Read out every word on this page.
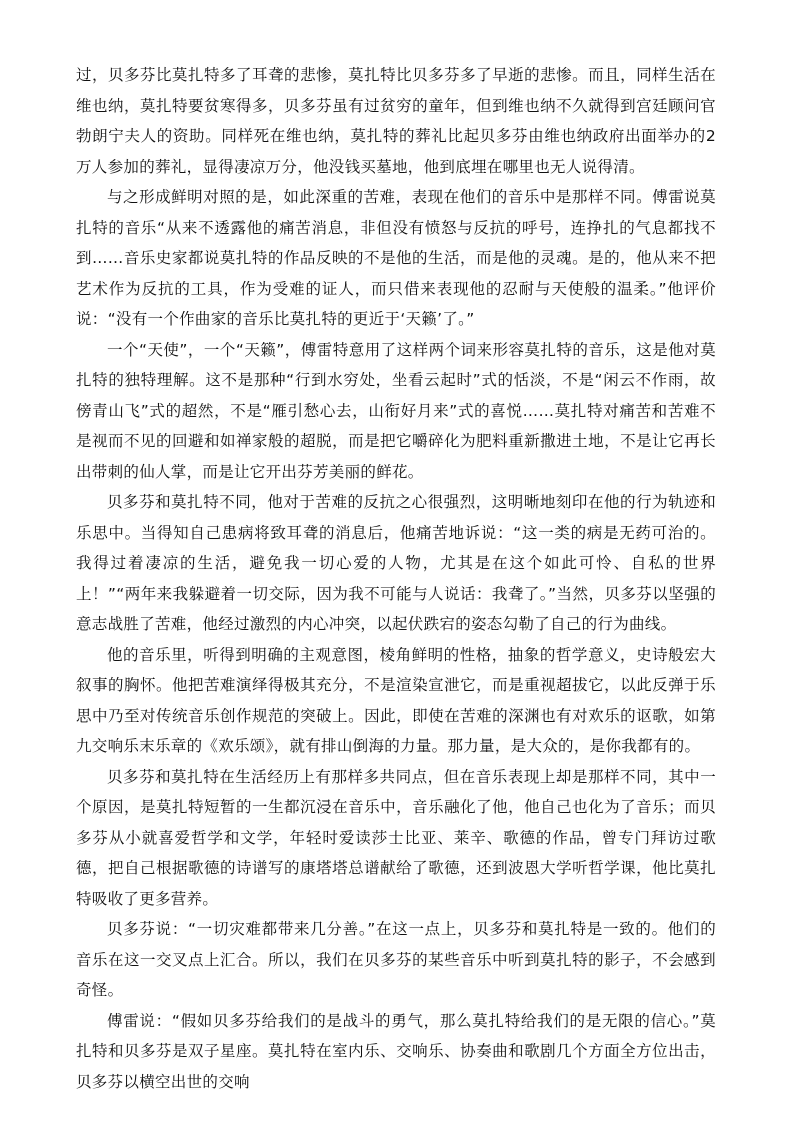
过，贝多芬比莫扎特多了耳聋的悲惨，莫扎特比贝多芬多了早逝的悲惨。而且，同样生活在维也纳，莫扎特要贫寒得多，贝多芬虽有过贫穷的童年，但到维也纳不久就得到宫廷顾问官勃朗宁夫人的资助。同样死在维也纳，莫扎特的葬礼比起贝多芬由维也纳政府出面举办的2万人参加的葬礼，显得凄凉万分，他没钱买墓地，他到底埋在哪里也无人说得清。

与之形成鲜明对照的是，如此深重的苦难，表现在他们的音乐中是那样不同。傅雷说莫扎特的音乐“从来不透露他的痛苦消息，非但没有愤怒与反抗的呼号，连挣扎的气息都找不到……音乐史家都说莫扎特的作品反映的不是他的生活，而是他的灵魂。是的，他从来不把艺术作为反抗的工具，作为受难的证人，而只借来表现他的忍耐与天使般的温柔。”他评价说：“没有一个作曲家的音乐比莫扎特的更近于‘天籁’了。”

一个“天使”，一个“天籁”，傅雷特意用了这样两个词来形容莫扎特的音乐，这是他对莫扎特的独特理解。这不是那种“行到水穷处，坐看云起时”式的恬淡，不是“闲云不作雨，故傍青山飞”式的超然，不是“雁引愁心去，山衔好月来”式的喜悦……莫扎特对痛苦和苦难不是视而不见的回避和如禅家般的超脱，而是把它嚼碎化为肥料重新撒进土地，不是让它再长出带刺的仙人掌，而是让它开出芬芳美丽的鲜花。

贝多芬和莫扎特不同，他对于苦难的反抗之心很强烈，这明晰地刻印在他的行为轨迹和乐思中。当得知自己患病将致耳聋的消息后，他痛苦地诉说：“这一类的病是无药可治的。我得过着凄凉的生活，避免我一切心爱的人物，尤其是在这个如此可怜、自私的世界上！”“两年来我躲避着一切交际，因为我不可能与人说话：我聋了。”当然，贝多芬以坚强的意志战胜了苦难，他经过激烈的内心冲突，以起伏跌宕的姿态勾勒了自己的行为曲线。

他的音乐里，听得到明确的主观意图，棱角鲜明的性格，抽象的哲学意义，史诗般宏大叙事的胸怀。他把苦难演绎得极其充分，不是渲染宣泄它，而是重视超拔它，以此反弹于乐思中乃至对传统音乐创作规范的突破上。因此，即使在苦难的深渊也有对欢乐的讴歌，如第九交响乐末乐章的《欢乐颂》，就有排山倒海的力量。那力量，是大众的，是你我都有的。

贝多芬和莫扎特在生活经历上有那样多共同点，但在音乐表现上却是那样不同，其中一个原因，是莫扎特短暂的一生都沉浸在音乐中，音乐融化了他，他自己也化为了音乐；而贝多芬从小就喜爱哲学和文学，年轻时爱读莎士比亚、莱辛、歌德的作品，曾专门拜访过歌德，把自己根据歌德的诗谱写的康塔塔总谱献给了歌德，还到波恩大学听哲学课，他比莫扎特吸收了更多营养。

贝多芬说：“一切灾难都带来几分善。”在这一点上，贝多芬和莫扎特是一致的。他们的音乐在这一交叉点上汇合。所以，我们在贝多芬的某些音乐中听到莫扎特的影子，不会感到奇怪。

傅雷说：“假如贝多芬给我们的是战斗的勇气，那么莫扎特给我们的是无限的信心。”莫扎特和贝多芬是双子星座。莫扎特在室内乐、交响乐、协奏曲和歌剧几个方面全方位出击，贝多芬以横空出世的交响
